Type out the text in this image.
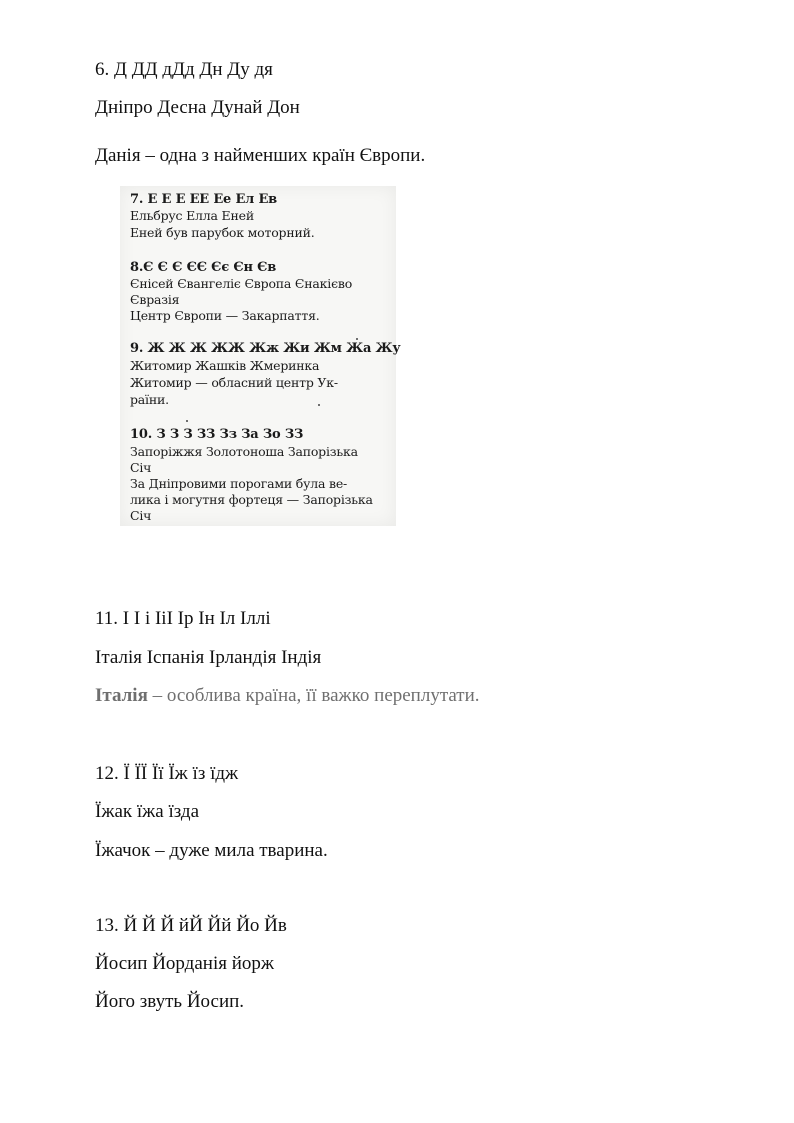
6. Д ДД дДд Дн Ду дя

Дніпро Десна Дунай Дон

Данія – одна з найменших країн Європи.

7. Е Е Е ЕЕ Ее Ел Ев

Ельбрус Елла Еней

Еней був парубок моторний.

8.Є Є Є ЄЄ Єє Єн Єв

Єнісей Євангеліє Європа Єнакієво

Євразія

Центр Європи — Закарпаття.

9. Ж Ж Ж ЖЖ Жж Жи Жм Жа Жу

Житомир Жашків Жмеринка

Житомир — обласний центр Ук-

раїни.

10. З З З ЗЗ Зз За Зо ЗЗ

Запоріжжя Золотоноша Запорізька

Січ

За Дніпровими порогами була ве-

лика і могутня фортеця — Запорізька

Січ

11. І І і ІіІ Ір Ін Іл Іллі

Італія Іспанія Ірландія Індія

Італія – особлива країна, її важко переплутати.

12. Ї ЇЇ Її Їж їз їдж

Їжак їжа їзда

Їжачок – дуже мила тварина.

13. Й Й Й йЙ Йй Йо Йв

Йосип Йорданія йорж

Його звуть Йосип.
